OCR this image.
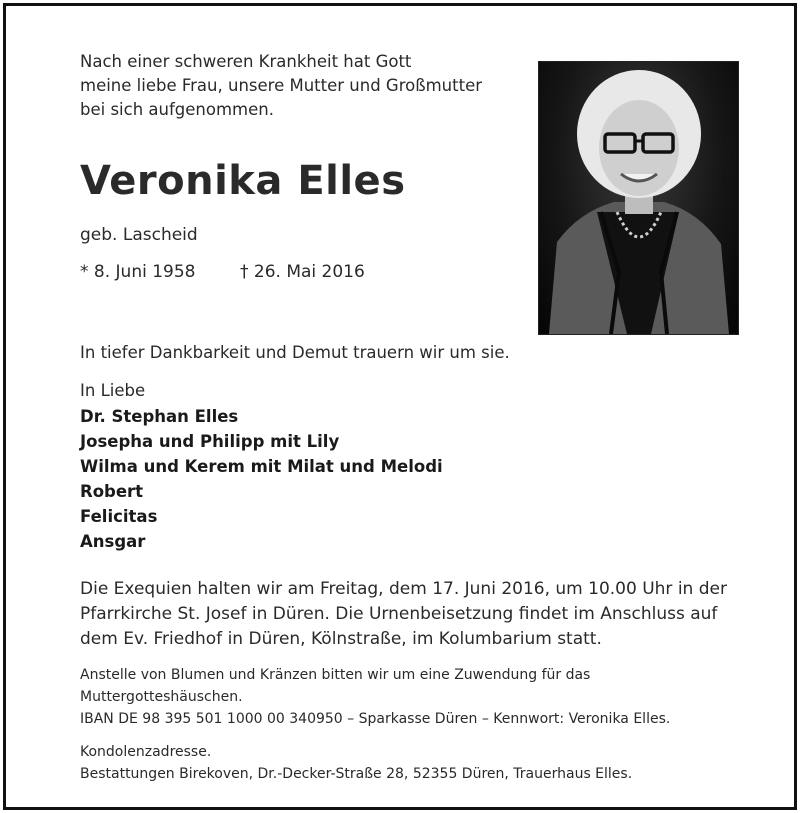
Nach einer schweren Krankheit hat Gott
meine liebe Frau, unsere Mutter und Großmutter
bei sich aufgenommen.

Veronika Elles

geb. Lascheid

* 8. Juni 1958	† 26. Mai 2016

In tiefer Dankbarkeit und Demut trauern wir um sie.

In Liebe

Dr. Stephan Elles
Josepha und Philipp mit Lily
Wilma und Kerem mit Milat und Melodi
Robert
Felicitas
Ansgar

Die Exequien halten wir am Freitag, dem 17. Juni 2016, um 10.00 Uhr in der
Pfarrkirche St. Josef in Düren. Die Urnenbeisetzung findet im Anschluss auf
dem Ev. Friedhof in Düren, Kölnstraße, im Kolumbarium statt.

Anstelle von Blumen und Kränzen bitten wir um eine Zuwendung für das
Muttergotteshäuschen.
IBAN DE 98 395 501 1000 00 340950 – Sparkasse Düren – Kennwort: Veronika Elles.

Kondolenzadresse.
Bestattungen Birekoven, Dr.-Decker-Straße 28, 52355 Düren, Trauerhaus Elles.
